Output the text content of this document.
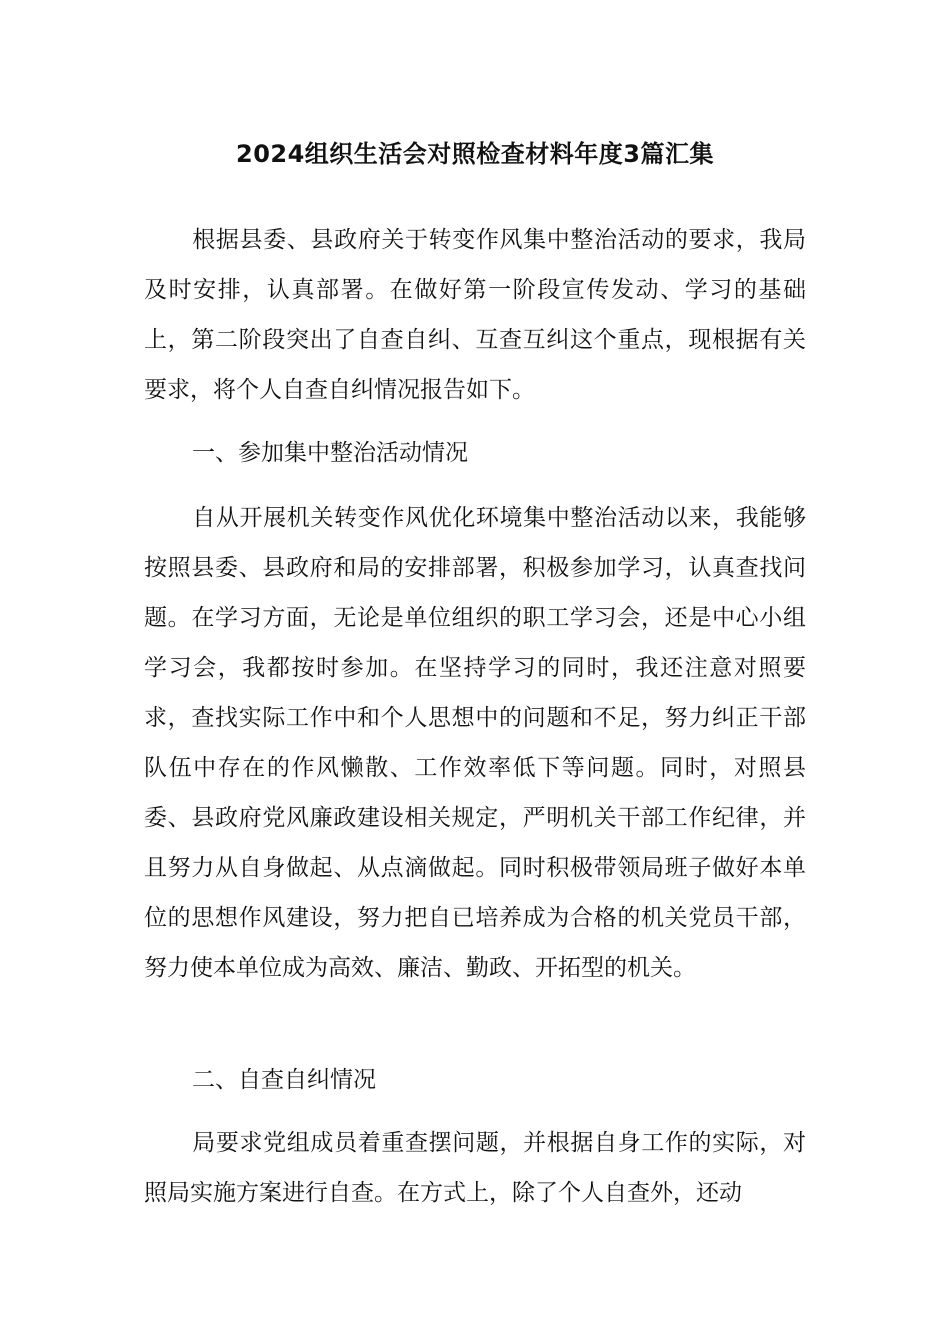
2024组织生活会对照检查材料年度3篇汇集

根据县委、县政府关于转变作风集中整治活动的要求，我局及时安排，认真部署。在做好第一阶段宣传发动、学习的基础上，第二阶段突出了自查自纠、互查互纠这个重点，现根据有关要求，将个人自查自纠情况报告如下。

一、参加集中整治活动情况

自从开展机关转变作风优化环境集中整治活动以来，我能够按照县委、县政府和局的安排部署，积极参加学习，认真查找问题。在学习方面，无论是单位组织的职工学习会，还是中心小组学习会，我都按时参加。在坚持学习的同时，我还注意对照要求，查找实际工作中和个人思想中的问题和不足，努力纠正干部队伍中存在的作风懒散、工作效率低下等问题。同时，对照县委、县政府党风廉政建设相关规定，严明机关干部工作纪律，并且努力从自身做起、从点滴做起。同时积极带领局班子做好本单位的思想作风建设，努力把自已培养成为合格的机关党员干部，努力使本单位成为高效、廉洁、勤政、开拓型的机关。

二、自查自纠情况

局要求党组成员着重查摆问题，并根据自身工作的实际，对照局实施方案进行自查。在方式上，除了个人自查外，还动
